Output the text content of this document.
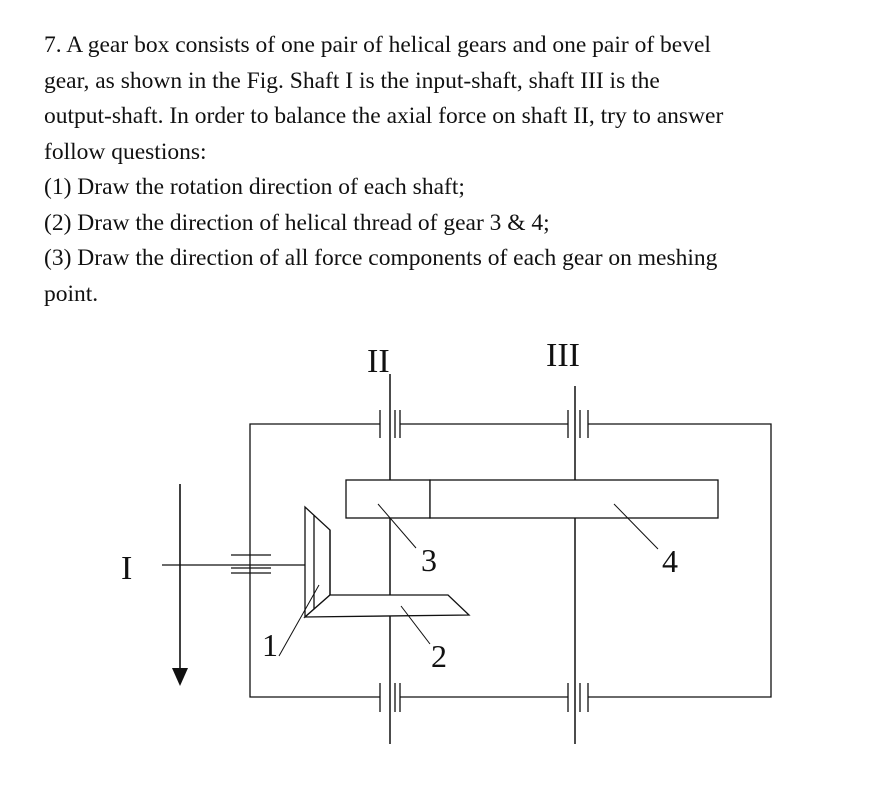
7. A gear box consists of one pair of helical gears and one pair of bevel

gear, as shown in the Fig. Shaft I is the input-shaft, shaft III is the

output-shaft. In order to balance the axial force on shaft II, try to answer

follow questions:

(1) Draw the rotation direction of each shaft;

(2) Draw the direction of helical thread of gear 3 & 4;

(3) Draw the direction of all force components of each gear on meshing

point.

II	III
I	3	4
2
1
